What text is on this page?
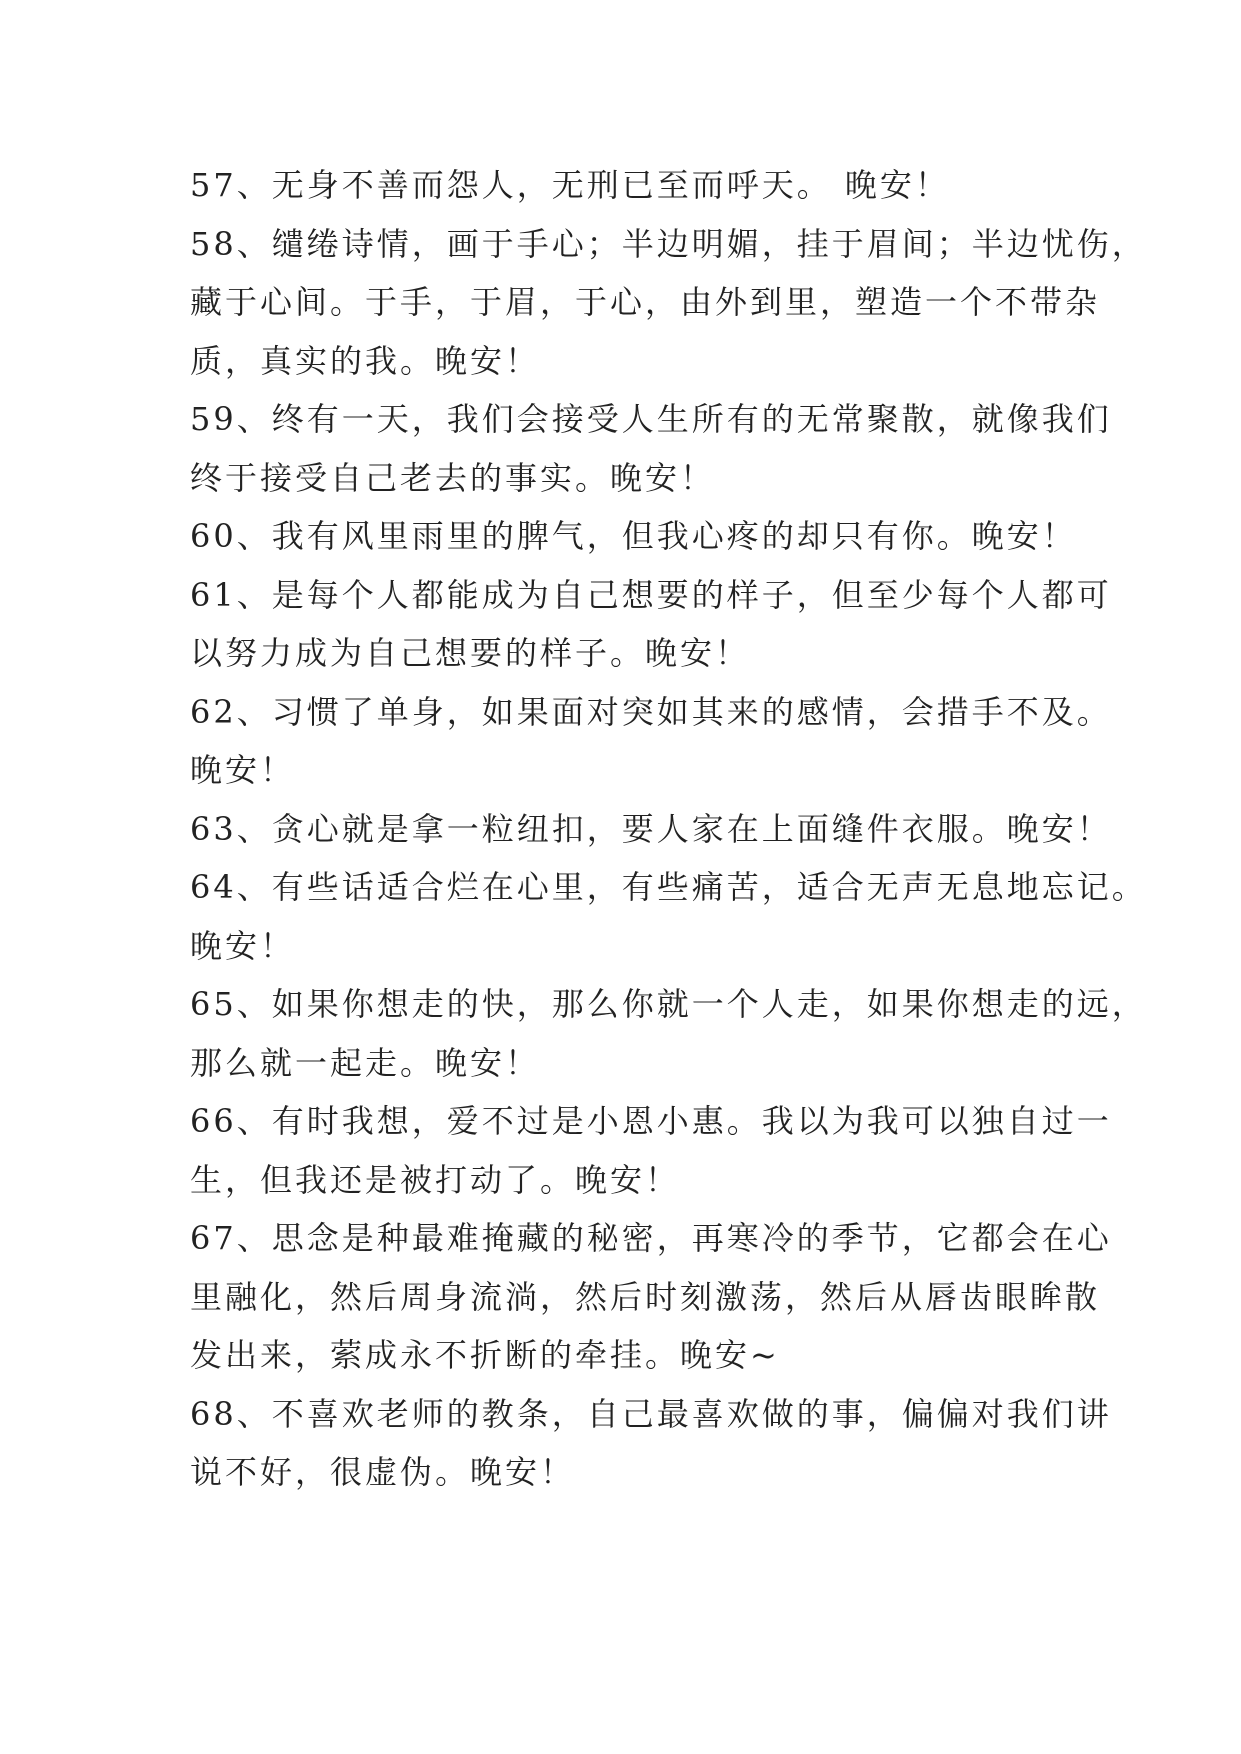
57、无身不善而怨人，无刑已至而呼天。 晚安！
58、缱绻诗情，画于手心；半边明媚，挂于眉间；半边忧伤，
藏于心间。于手，于眉，于心，由外到里，塑造一个不带杂
质，真实的我。晚安！
59、终有一天，我们会接受人生所有的无常聚散，就像我们
终于接受自己老去的事实。晚安！
60、我有风里雨里的脾气，但我心疼的却只有你。晚安！
61、是每个人都能成为自己想要的样子，但至少每个人都可
以努力成为自己想要的样子。晚安！
62、习惯了单身，如果面对突如其来的感情，会措手不及。
晚安！
63、贪心就是拿一粒纽扣，要人家在上面缝件衣服。晚安！
64、有些话适合烂在心里，有些痛苦，适合无声无息地忘记。
晚安！
65、如果你想走的快，那么你就一个人走，如果你想走的远，
那么就一起走。晚安！
66、有时我想，爱不过是小恩小惠。我以为我可以独自过一
生，但我还是被打动了。晚安！
67、思念是种最难掩藏的秘密，再寒冷的季节，它都会在心
里融化，然后周身流淌，然后时刻激荡，然后从唇齿眼眸散
发出来，萦成永不折断的牵挂。晚安~
68、不喜欢老师的教条，自己最喜欢做的事，偏偏对我们讲
说不好，很虚伪。晚安！
